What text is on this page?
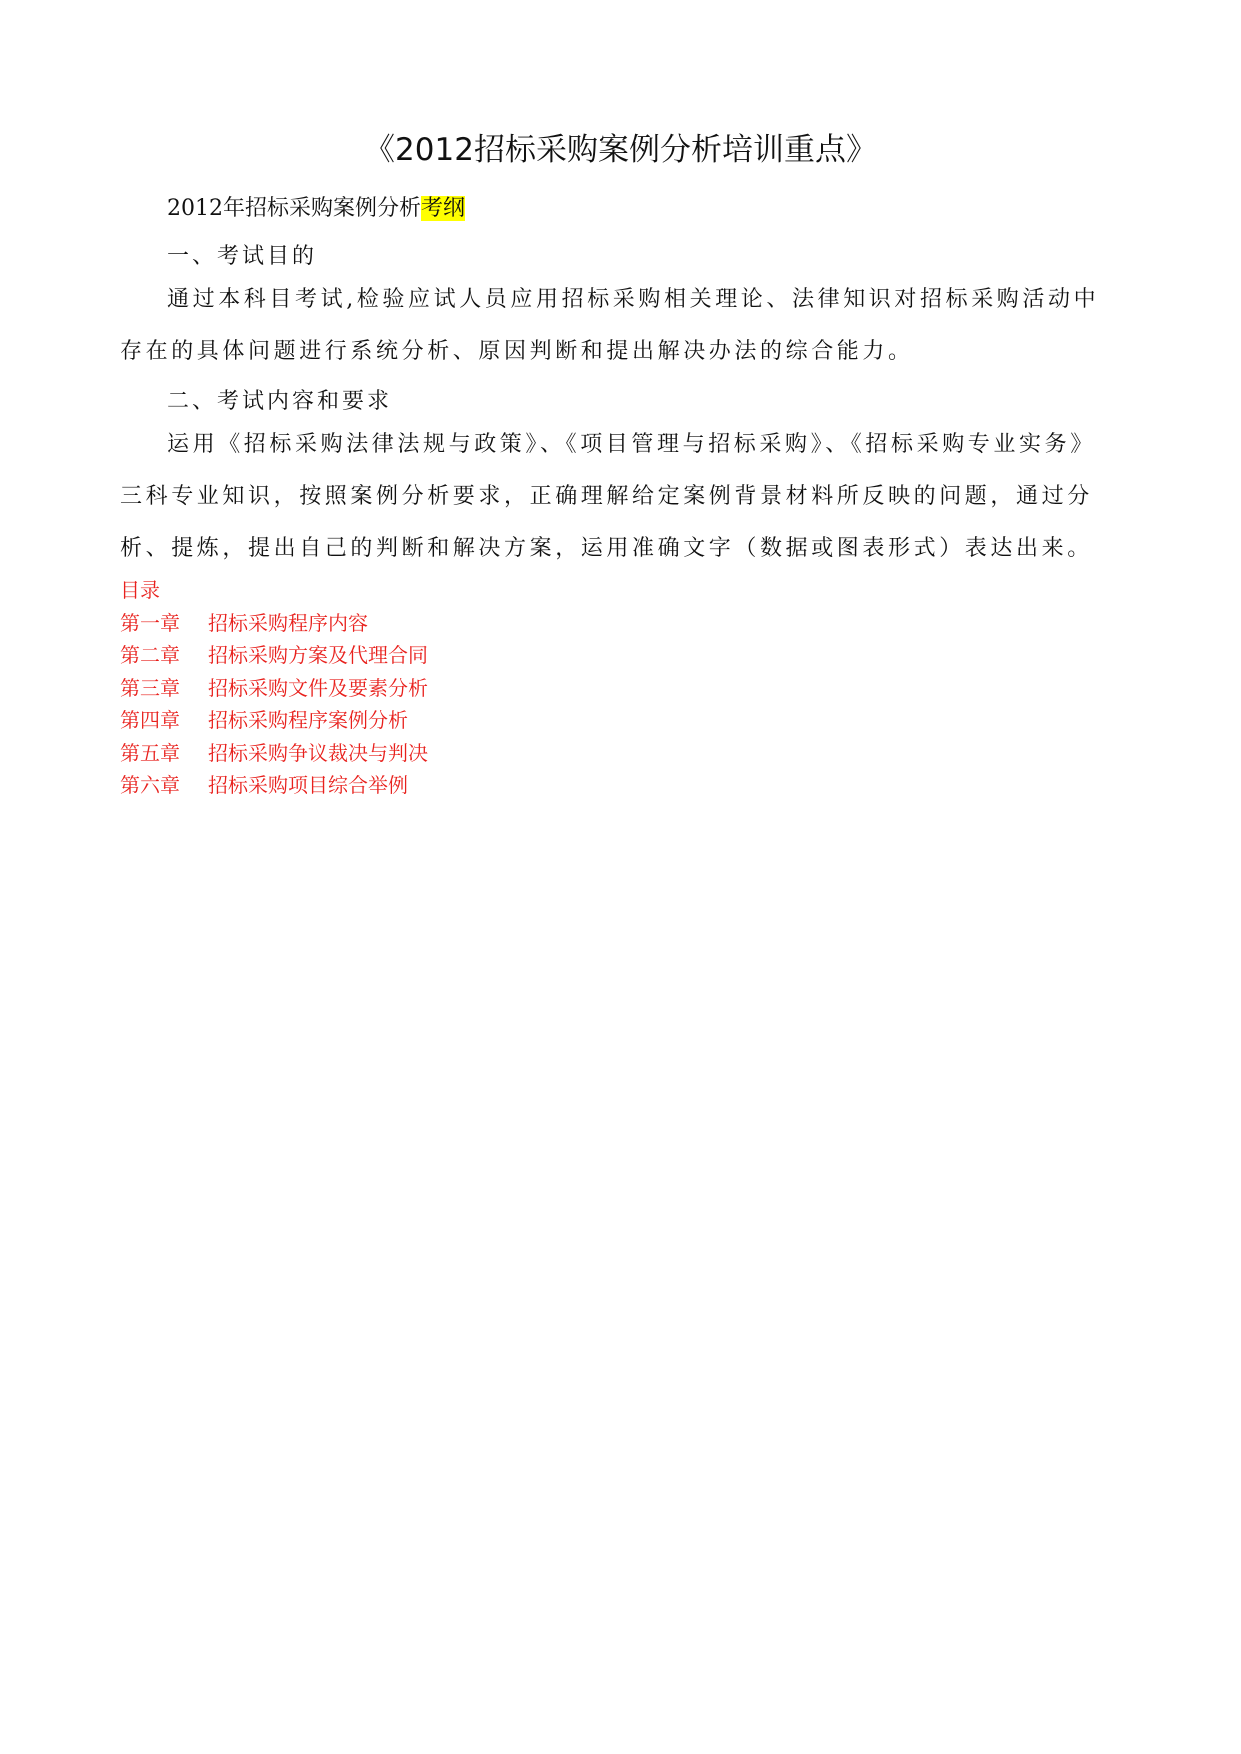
《2012招标采购案例分析培训重点》
2012年招标采购案例分析考纲
一、考试目的

通过本科目考试,检验应试人员应用招标采购相关理论、法律知识对招标采购活动中存在的具体问题进行系统分析、原因判断和提出解决办法的综合能力。

二、考试内容和要求

运用《招标采购法律法规与政策》、《项目管理与招标采购》、《招标采购专业实务》三科专业知识，按照案例分析要求，正确理解给定案例背景材料所反映的问题，通过分析、提炼，提出自己的判断和解决方案，运用准确文字（数据或图表形式）表达出来。

目录

第一章 招标采购程序内容
第二章 招标采购方案及代理合同
第三章 招标采购文件及要素分析
第四章 招标采购程序案例分析
第五章 招标采购争议裁决与判决
第六章 招标采购项目综合举例
